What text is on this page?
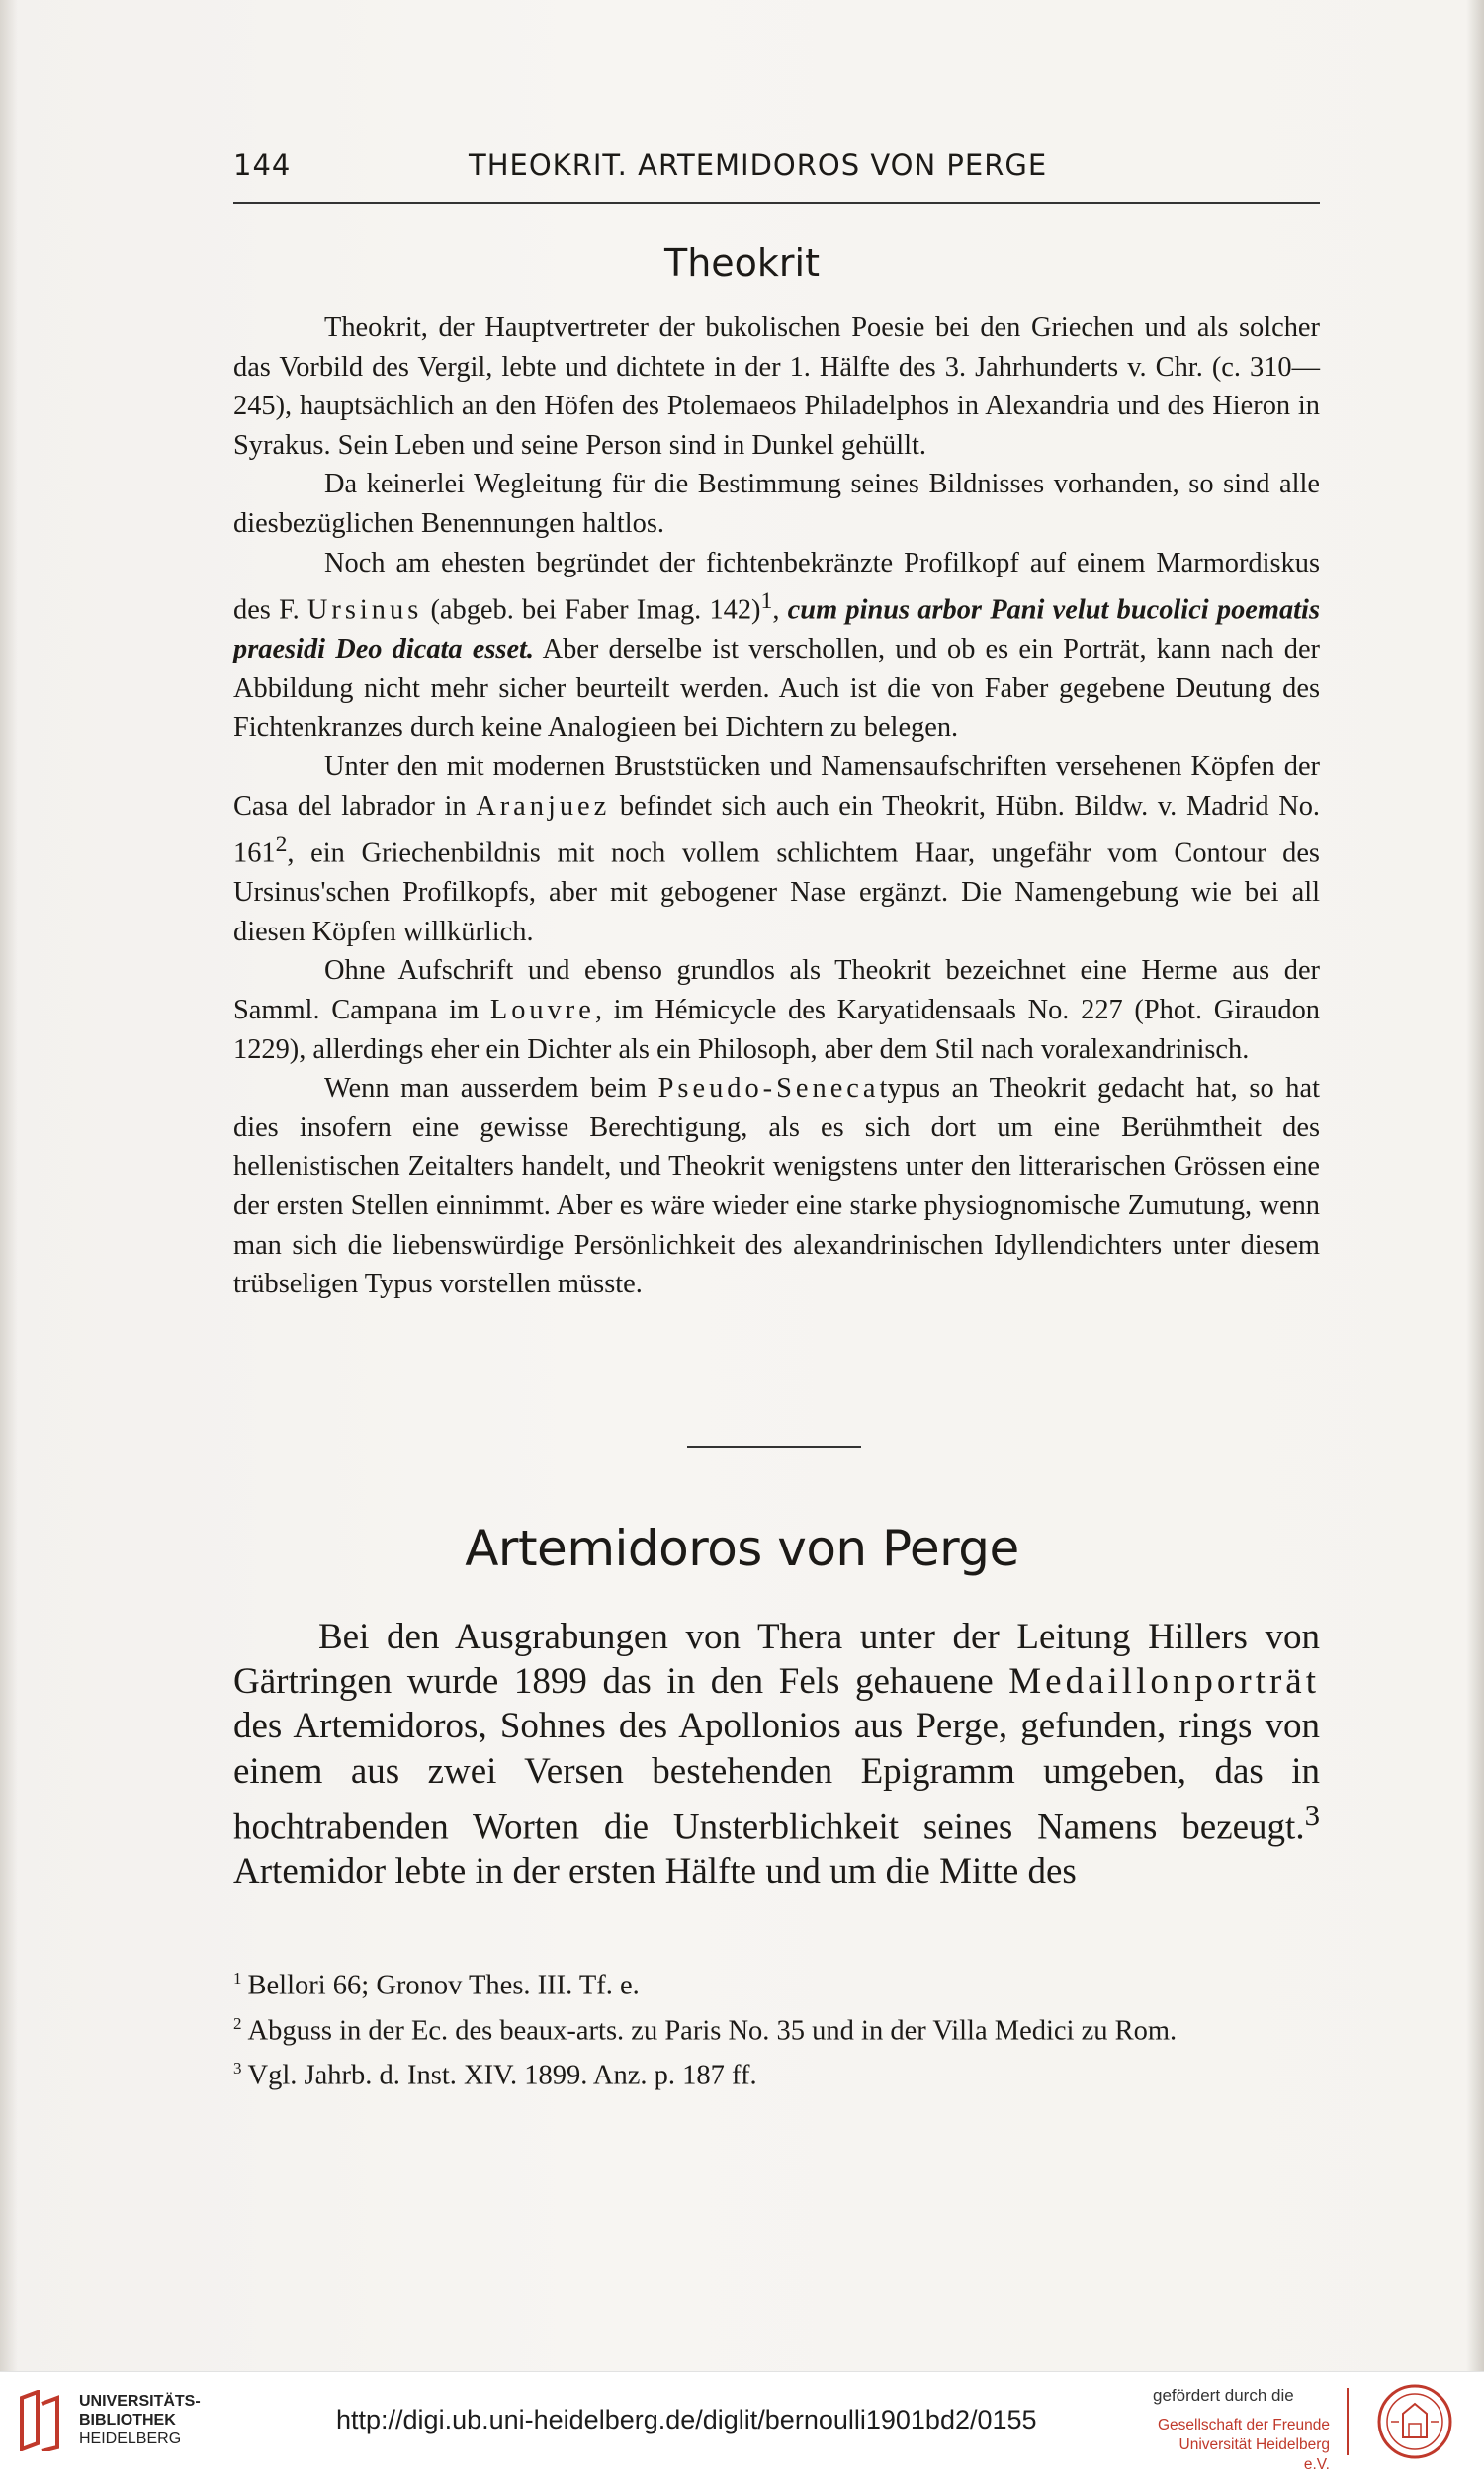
144	THEOKRIT. ARTEMIDOROS VON PERGE
Theokrit

Theokrit, der Hauptvertreter der bukolischen Poesie bei den Griechen und als solcher das Vorbild des Vergil, lebte und dichtete in der 1. Hälfte des 3. Jahrhunderts v. Chr. (c. 310—245), hauptsächlich an den Höfen des Ptolemaeos Philadelphos in Alexandria und des Hieron in Syrakus. Sein Leben und seine Person sind in Dunkel gehüllt.

Da keinerlei Wegleitung für die Bestimmung seines Bildnisses vorhanden, so sind alle diesbezüglichen Benennungen haltlos.

Noch am ehesten begründet der fichtenbekränzte Profilkopf auf einem Marmordiskus des F. Ursinus (abgeb. bei Faber Imag. 142)$^1$, cum pinus arbor Pani velut bucolici poematis praesidi Deo dicata esset. Aber derselbe ist verschollen, und ob es ein Porträt, kann nach der Abbildung nicht mehr sicher beurteilt werden. Auch ist die von Faber gegebene Deutung des Fichtenkranzes durch keine Analogieen bei Dichtern zu belegen.

Unter den mit modernen Bruststücken und Namensaufschriften versehenen Köpfen der Casa del labrador in Aranjuez befindet sich auch ein Theokrit, Hübn. Bildw. v. Madrid No. $161^2$, ein Griechenbildnis mit noch vollem schlichtem Haar, ungefähr vom Contour des Ursinus'schen Profilkopfs, aber mit gebogener Nase ergänzt. Die Namengebung wie bei all diesen Köpfen willkürlich.

Ohne Aufschrift und ebenso grundlos als Theokrit bezeichnet eine Herme aus der Samml. Campana im Louvre, im Hémicycle des Karyatidensaals No. 227 (Phot. Giraudon 1229), allerdings eher ein Dichter als ein Philosoph, aber dem Stil nach voralexandrinisch.

Wenn man ausserdem beim Pseudo-Senecatypus an Theokrit gedacht hat, so hat dies insofern eine gewisse Berechtigung, als es sich dort um eine Berühmtheit des hellenistischen Zeitalters handelt, und Theokrit wenigstens unter den litterarischen Grössen eine der ersten Stellen einnimmt. Aber es wäre wieder eine starke physiognomische Zumutung, wenn man sich die liebenswürdige Persönlichkeit des alexandrinischen Idyllendichters unter diesem trübseligen Typus vorstellen müsste.

Artemidoros von Perge

Bei den Ausgrabungen von Thera unter der Leitung Hillers von Gärtringen wurde 1899 das in den Fels gehauene Medaillonporträt des Artemidoros, Sohnes des Apollonios aus Perge, gefunden, rings von einem aus zwei Versen bestehenden Epigramm umgeben, das in hochtrabenden Worten die Unsterblichkeit seines Namens bezeugt.$^3$ Artemidor lebte in der ersten Hälfte und um die Mitte des

$^1$ Bellori 66; Gronov Thes. III. Tf. e.
$^2$ Abguss in der Ec. des beaux-arts. zu Paris No. 35 und in der Villa Medici zu Rom.
$^3$ Vgl. Jahrb. d. Inst. XIV. 1899. Anz. p. 187 ff.
UNIVERSITÄTS-
BIBLIOTHEK
HEIDELBERG
http://digi.ub.uni-heidelberg.de/diglit/bernoulli1901bd2/0155
gefördert durch die
Gesellschaft der Freunde
Universität Heidelberg e.V.
